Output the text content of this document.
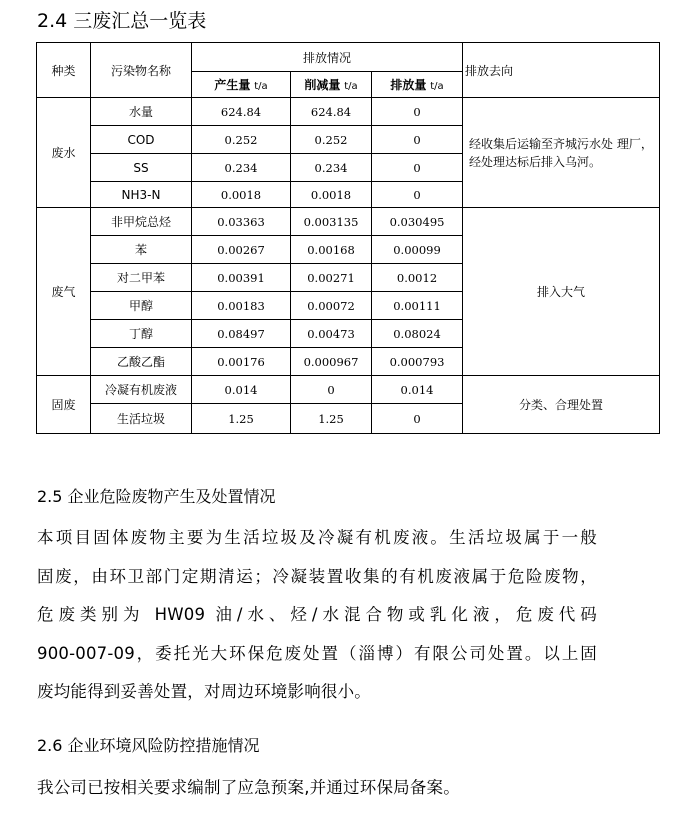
2.4 三废汇总一览表
种类	污染物名称	排放情况			排放去向
		产生量 t/a	削减量 t/a	排放量 t/a	
废水	水量	624.84	624.84	0	经收集后运输至齐城污水处 理厂，经处理达标后排入乌河。
	COD	0.252	0.252	0	
	SS	0.234	0.234	0	
	NH3-N	0.0018	0.0018	0	
废气	非甲烷总烃	0.03363	0.003135	0.030495	排入大气
	苯	0.00267	0.00168	0.00099	
	对二甲苯	0.00391	0.00271	0.0012	
	甲醇	0.00183	0.00072	0.00111	
	丁醇	0.08497	0.00473	0.08024	
	乙酸乙酯	0.00176	0.000967	0.000793	
固废	冷凝有机废液	0.014	0	0.014	分类、合理处置
	生活垃圾	1.25	1.25	0	
2.5 企业危险废物产生及处置情况
本项目固体废物主要为生活垃圾及冷凝有机废液。生活垃圾属于一般
固废，由环卫部门定期清运；冷凝装置收集的有机废液属于危险废物，
危废类别为 HW09 油/水、烃/水混合物或乳化液，危废代码
900-007-09，委托光大环保危废处置（淄博）有限公司处置。以上固
废均能得到妥善处置，对周边环境影响很小。
2.6 企业环境风险防控措施情况
我公司已按相关要求编制了应急预案,并通过环保局备案。
